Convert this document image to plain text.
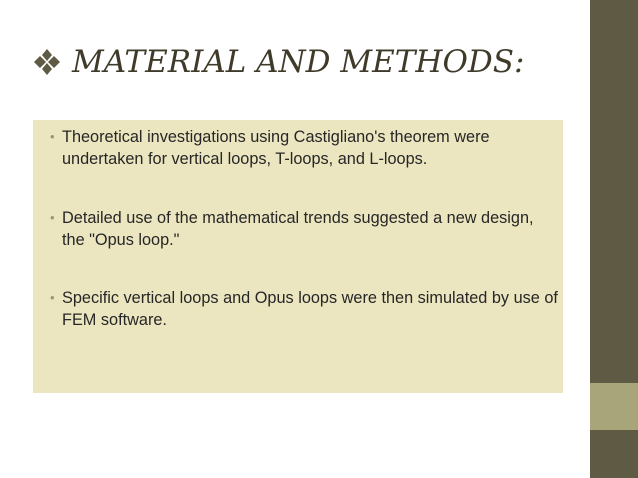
MATERIAL AND METHODS:
• Theoretical investigations using Castigliano's theorem were undertaken for vertical loops, T-loops, and L-loops.
• Detailed use of the mathematical trends suggested a new design, the "Opus loop."
• Specific vertical loops and Opus loops were then simulated by use of FEM software.
